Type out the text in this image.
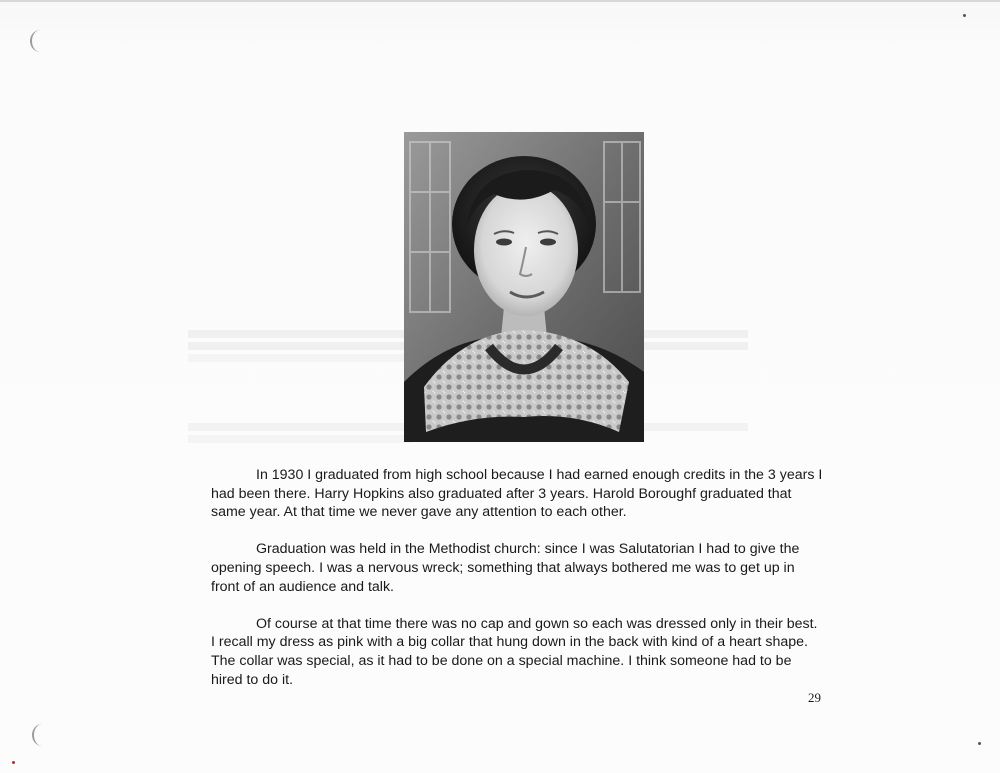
In 1930 I graduated from high school because I had earned enough credits in the 3 years I had been there. Harry Hopkins also graduated after 3 years. Harold Boroughf graduated that same year. At that time we never gave any attention to each other.

Graduation was held in the Methodist church: since I was Salutatorian I had to give the opening speech. I was a nervous wreck; something that always bothered me was to get up in front of an audience and talk.

Of course at that time there was no cap and gown so each was dressed only in their best. I recall my dress as pink with a big collar that hung down in the back with kind of a heart shape. The collar was special, as it had to be done on a special machine. I think someone had to be hired to do it.

29
